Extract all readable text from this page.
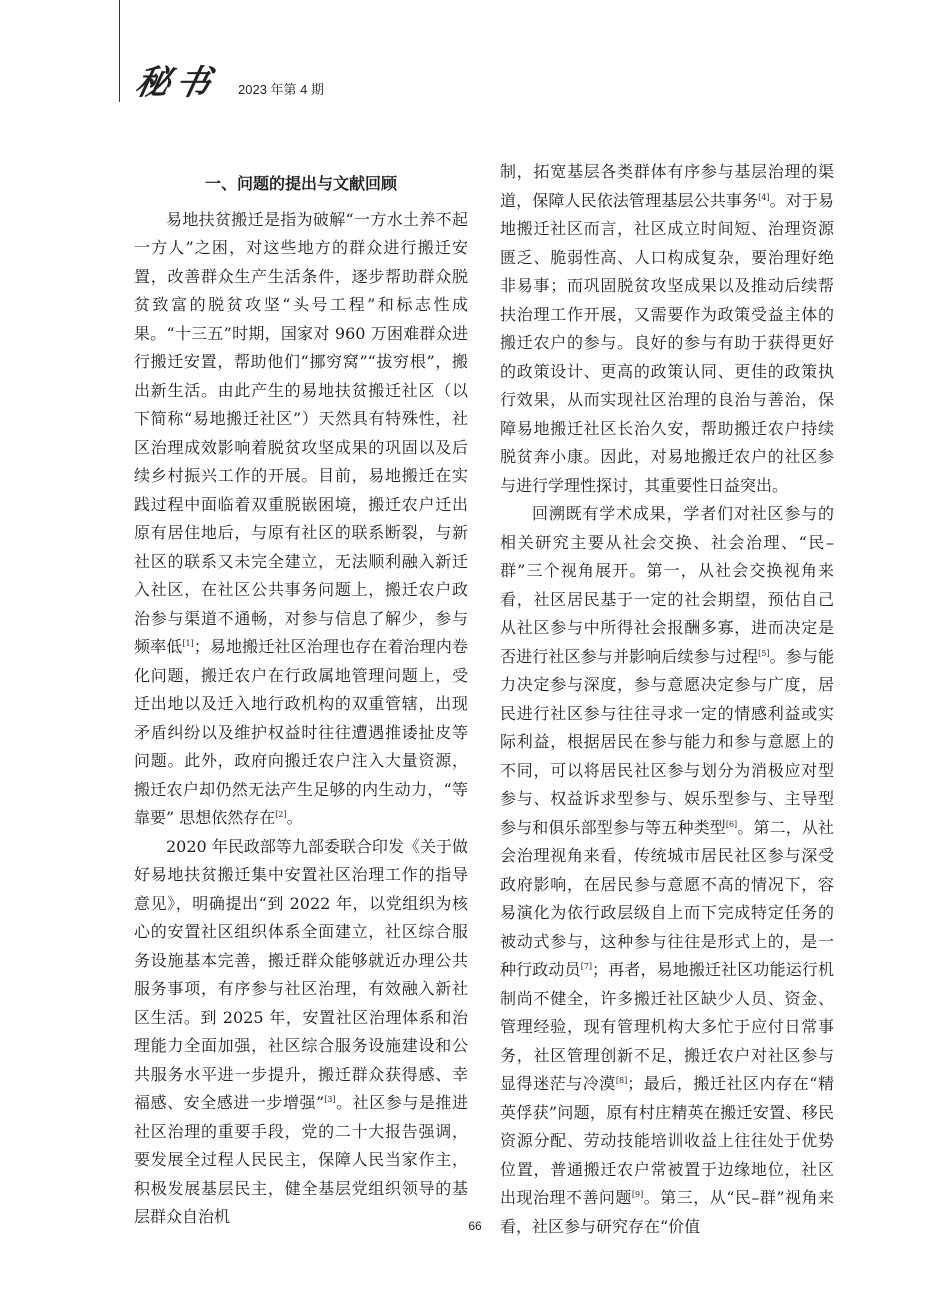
秘书 2023 年第 4 期
一、问题的提出与文献回顾

易地扶贫搬迁是指为破解“一方水土养不起一方人”之困，对这些地方的群众进行搬迁安置，改善群众生产生活条件，逐步帮助群众脱贫致富的脱贫攻坚“头号工程”和标志性成果。“十三五”时期，国家对 960 万困难群众进行搬迁安置，帮助他们“挪穷窝”“拔穷根”，搬出新生活。由此产生的易地扶贫搬迁社区（以下简称“易地搬迁社区”）天然具有特殊性，社区治理成效影响着脱贫攻坚成果的巩固以及后续乡村振兴工作的开展。目前，易地搬迁在实践过程中面临着双重脱嵌困境，搬迁农户迁出原有居住地后，与原有社区的联系断裂，与新社区的联系又未完全建立，无法顺利融入新迁入社区，在社区公共事务问题上，搬迁农户政治参与渠道不通畅，对参与信息了解少，参与频率低[1]；易地搬迁社区治理也存在着治理内卷化问题，搬迁农户在行政属地管理问题上，受迁出地以及迁入地行政机构的双重管辖，出现矛盾纠纷以及维护权益时往往遭遇推诿扯皮等问题。此外，政府向搬迁农户注入大量资源，搬迁农户却仍然无法产生足够的内生动力，“等靠要” 思想依然存在[2]。

2020 年民政部等九部委联合印发《关于做好易地扶贫搬迁集中安置社区治理工作的指导意见》，明确提出“到 2022 年，以党组织为核心的安置社区组织体系全面建立，社区综合服务设施基本完善，搬迁群众能够就近办理公共服务事项，有序参与社区治理，有效融入新社区生活。到 2025 年，安置社区治理体系和治理能力全面加强，社区综合服务设施建设和公共服务水平进一步提升，搬迁群众获得感、幸福感、安全感进一步增强”[3]。社区参与是推进社区治理的重要手段，党的二十大报告强调，要发展全过程人民民主，保障人民当家作主，积极发展基层民主，健全基层党组织领导的基层群众自治机

制，拓宽基层各类群体有序参与基层治理的渠道，保障人民依法管理基层公共事务[4]。对于易地搬迁社区而言，社区成立时间短、治理资源匮乏、脆弱性高、人口构成复杂，要治理好绝非易事；而巩固脱贫攻坚成果以及推动后续帮扶治理工作开展，又需要作为政策受益主体的搬迁农户的参与。良好的参与有助于获得更好的政策设计、更高的政策认同、更佳的政策执行效果，从而实现社区治理的良治与善治，保障易地搬迁社区长治久安，帮助搬迁农户持续脱贫奔小康。因此，对易地搬迁农户的社区参与进行学理性探讨，其重要性日益突出。

回溯既有学术成果，学者们对社区参与的相关研究主要从社会交换、社会治理、“民–群”三个视角展开。第一，从社会交换视角来看，社区居民基于一定的社会期望，预估自己从社区参与中所得社会报酬多寡，进而决定是否进行社区参与并影响后续参与过程[5]。参与能力决定参与深度，参与意愿决定参与广度，居民进行社区参与往往寻求一定的情感利益或实际利益，根据居民在参与能力和参与意愿上的不同，可以将居民社区参与划分为消极应对型参与、权益诉求型参与、娱乐型参与、主导型参与和俱乐部型参与等五种类型[6]。第二，从社会治理视角来看，传统城市居民社区参与深受政府影响，在居民参与意愿不高的情况下，容易演化为依行政层级自上而下完成特定任务的被动式参与，这种参与往往是形式上的，是一种行政动员[7]；再者，易地搬迁社区功能运行机制尚不健全，许多搬迁社区缺少人员、资金、管理经验，现有管理机构大多忙于应付日常事务，社区管理创新不足，搬迁农户对社区参与显得迷茫与冷漠[8]；最后，搬迁社区内存在“精英俘获”问题，原有村庄精英在搬迁安置、移民资源分配、劳动技能培训收益上往往处于优势位置，普通搬迁农户常被置于边缘地位，社区出现治理不善问题[9]。第三，从“民–群”视角来看，社区参与研究存在“价值

66
